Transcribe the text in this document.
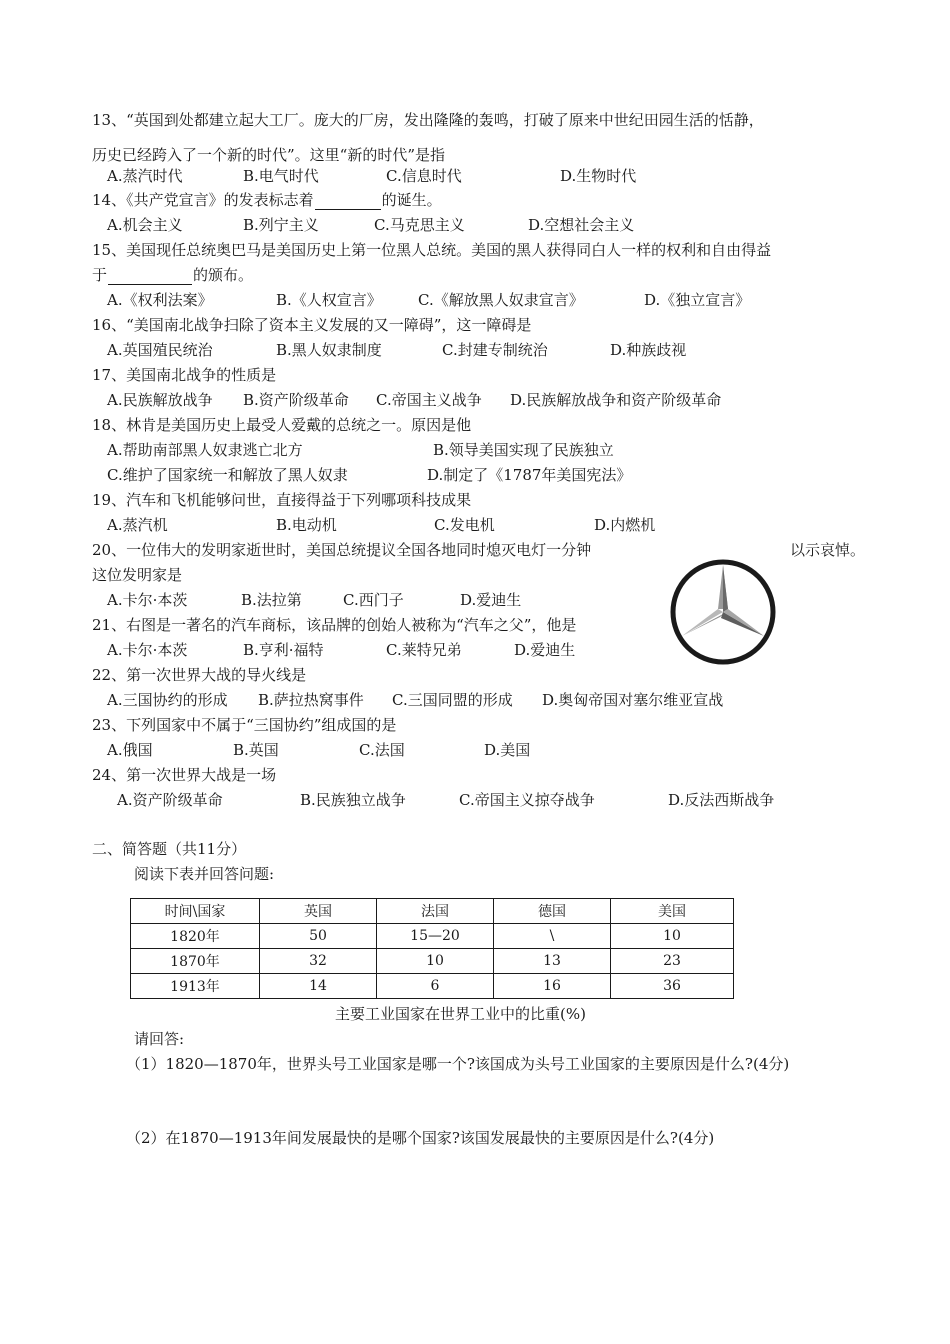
13、“英国到处都建立起大工厂。庞大的厂房，发出隆隆的轰鸣，打破了原来中世纪田园生活的恬静，
历史已经跨入了一个新的时代”。这里“新的时代”是指
A.蒸汽时代	B.电气时代	C.信息时代	D.生物时代
14、《共产党宣言》的发表标志着	的诞生。
A.机会主义	B.列宁主义	C.马克思主义	D.空想社会主义
15、美国现任总统奥巴马是美国历史上第一位黑人总统。美国的黑人获得同白人一样的权利和自由得益
于	的颁布。
A.《权利法案》	B.《人权宣言》 C.《解放黑人奴隶宣言》	D.《独立宣言》
16、“美国南北战争扫除了资本主义发展的又一障碍”，这一障碍是
A.英国殖民统治	B.黑人奴隶制度	C.封建专制统治	D.种族歧视
17、美国南北战争的性质是
A.民族解放战争 B.资产阶级革命 C.帝国主义战争 D.民族解放战争和资产阶级革命
18、林肯是美国历史上最受人爱戴的总统之一。原因是他
A.帮助南部黑人奴隶逃亡北方	B.领导美国实现了民族独立
C.维护了国家统一和解放了黑人奴隶	D.制定了《1787年美国宪法》
19、汽车和飞机能够问世，直接得益于下列哪项科技成果
A.蒸汽机	B.电动机	C.发电机	D.内燃机
20、一位伟大的发明家逝世时，美国总统提议全国各地同时熄灭电灯一分钟	以示哀悼。
这位发明家是
A.卡尔·本茨	B.法拉第	C.西门子	D.爱迪生
21、右图是一著名的汽车商标，该品牌的创始人被称为“汽车之父”，他是
A.卡尔·本茨	B.亨利·福特	C.莱特兄弟	D.爱迪生
22、第一次世界大战的导火线是
A.三国协约的形成 B.萨拉热窝事件 C.三国同盟的形成 D.奥匈帝国对塞尔维亚宣战
23、下列国家中不属于“三国协约”组成国的是
A.俄国	B.英国	C.法国	D.美国
24、第一次世界大战是一场
A.资产阶级革命	B.民族独立战争	C.帝国主义掠夺战争	D.反法西斯战争
二、简答题（共11分）
阅读下表并回答问题:
时间\国家	英国	法国	德国	美国
1820年	50	15—20	\	10
1870年	32	10	13	23
1913年	14	6	16	36
主要工业国家在世界工业中的比重(%)
请回答:
（1）1820—1870年，世界头号工业国家是哪一个?该国成为头号工业国家的主要原因是什么?(4分)
（2）在1870—1913年间发展最快的是哪个国家?该国发展最快的主要原因是什么?(4分)
